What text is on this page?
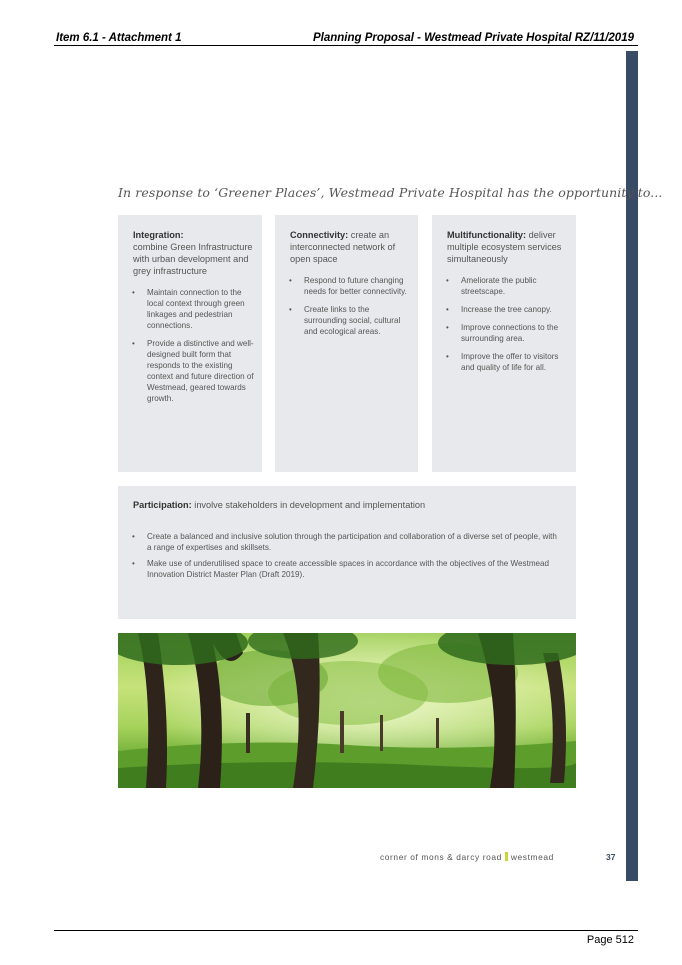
Item 6.1 - Attachment 1	Planning Proposal - Westmead Private Hospital RZ/11/2019
In response to ‘Greener Places’, Westmead Private Hospital has the opportunity to...

Integration:
combine Green Infrastructure with urban development and grey infrastructure

• Maintain connection to the local context through green linkages and pedestrian connections.
• Provide a distinctive and well-designed built form that responds to the existing context and future direction of Westmead, geared towards growth.

Connectivity: create an interconnected network of open space

• Respond to future changing needs for better connectivity.
• Create links to the surrounding social, cultural and ecological areas.

Multifunctionality: deliver multiple ecosystem services simultaneously

• Ameliorate the public streetscape.
• Increase the tree canopy.
• Improve connections to the surrounding area.
• Improve the offer to visitors and quality of life for all.

Participation: involve stakeholders in development and implementation

• Create a balanced and inclusive solution through the participation and collaboration of a diverse set of people, with a range of expertises and skillsets.
• Make use of underutilised space to create accessible spaces in accordance with the objectives of the Westmead Innovation District Master Plan (Draft 2019).
corner of mons & darcy road westmead	37
Page 512
